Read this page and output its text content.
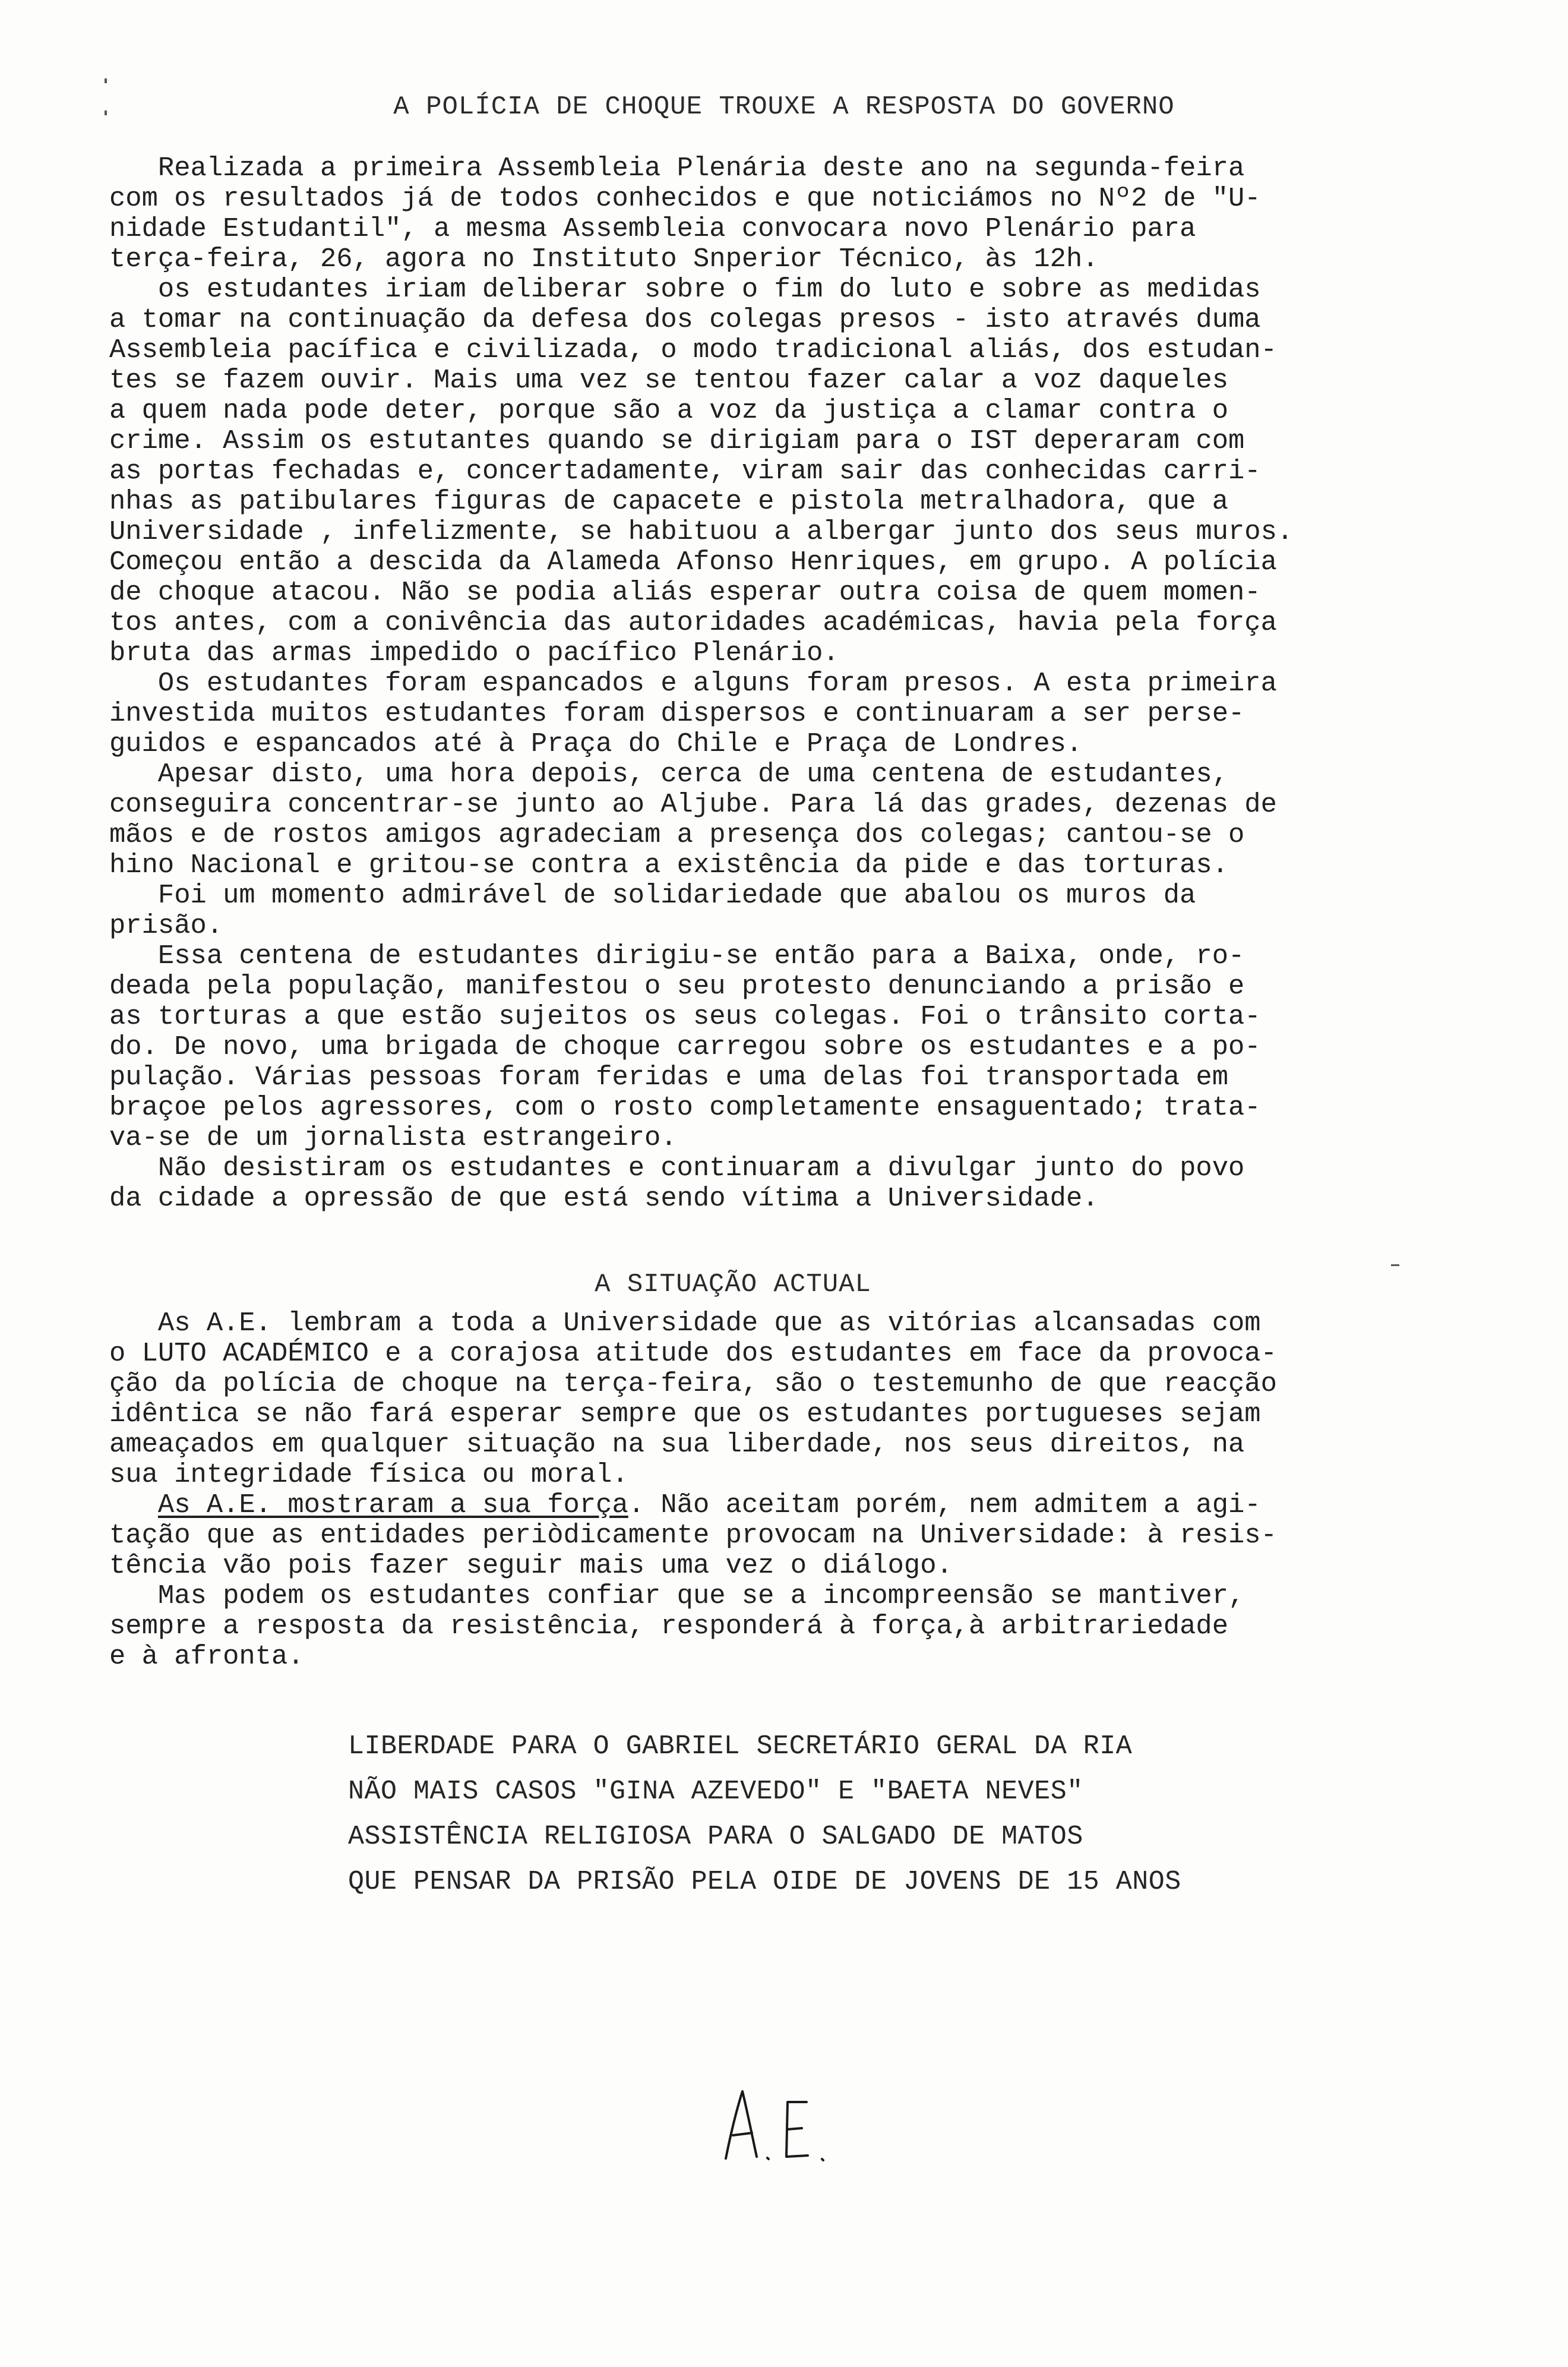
A POLÍCIA DE CHOQUE TROUXE A RESPOSTA DO GOVERNO
Realizada a primeira Assembleia Plenária deste ano na segunda-feira
com os resultados já de todos conhecidos e que noticiámos no Nº2 de "U-
nidade Estudantil", a mesma Assembleia convocara novo Plenário para
terça-feira, 26, agora no Instituto Snperior Técnico, às 12h.
os estudantes iriam deliberar sobre o fim do luto e sobre as medidas
a tomar na continuação da defesa dos colegas presos - isto através duma
Assembleia pacífica e civilizada, o modo tradicional aliás, dos estudan-
tes se fazem ouvir. Mais uma vez se tentou fazer calar a voz daqueles
a quem nada pode deter, porque são a voz da justiça a clamar contra o
crime. Assim os estutantes quando se dirigiam para o IST deperaram com
as portas fechadas e, concertadamente, viram sair das conhecidas carri-
nhas as patibulares figuras de capacete e pistola metralhadora, que a
Universidade , infelizmente, se habituou a albergar junto dos seus muros.
Começou então a descida da Alameda Afonso Henriques, em grupo. A polícia
de choque atacou. Não se podia aliás esperar outra coisa de quem momen-
tos antes, com a conivência das autoridades académicas, havia pela força
bruta das armas impedido o pacífico Plenário.
Os estudantes foram espancados e alguns foram presos. A esta primeira
investida muitos estudantes foram dispersos e continuaram a ser perse-
guidos e espancados até à Praça do Chile e Praça de Londres.
Apesar disto, uma hora depois, cerca de uma centena de estudantes,
conseguira concentrar-se junto ao Aljube. Para lá das grades, dezenas de
mãos e de rostos amigos agradeciam a presença dos colegas; cantou-se o
hino Nacional e gritou-se contra a existência da pide e das torturas.
Foi um momento admirável de solidariedade que abalou os muros da
prisão.
Essa centena de estudantes dirigiu-se então para a Baixa, onde, ro-
deada pela população, manifestou o seu protesto denunciando a prisão e
as torturas a que estão sujeitos os seus colegas. Foi o trânsito corta-
do. De novo, uma brigada de choque carregou sobre os estudantes e a po-
pulação. Várias pessoas foram feridas e uma delas foi transportada em
braçoe pelos agressores, com o rosto completamente ensaguentado; trata-
va-se de um jornalista estrangeiro.
Não desistiram os estudantes e continuaram a divulgar junto do povo
da cidade a opressão de que está sendo vítima a Universidade.
A SITUAÇÃO ACTUAL
As A.E. lembram a toda a Universidade que as vitórias alcansadas com
o LUTO ACADÉMICO e a corajosa atitude dos estudantes em face da provoca-
ção da polícia de choque na terça-feira, são o testemunho de que reacção
idêntica se não fará esperar sempre que os estudantes portugueses sejam
ameaçados em qualquer situação na sua liberdade, nos seus direitos, na
sua integridade física ou moral.
As A.E. mostraram a sua força. Não aceitam porém, nem admitem a agi-
tação que as entidades periòdicamente provocam na Universidade: à resis-
tência vão pois fazer seguir mais uma vez o diálogo.
Mas podem os estudantes confiar que se a incompreensão se mantiver,
sempre a resposta da resistência, responderá à força,à arbitrariedade
e à afronta.
LIBERDADE PARA O GABRIEL SECRETÁRIO GERAL DA RIA
NÃO MAIS CASOS "GINA AZEVEDO" E "BAETA NEVES"
ASSISTÊNCIA RELIGIOSA PARA O SALGADO DE MATOS
QUE PENSAR DA PRISÃO PELA OIDE DE JOVENS DE 15 ANOS
